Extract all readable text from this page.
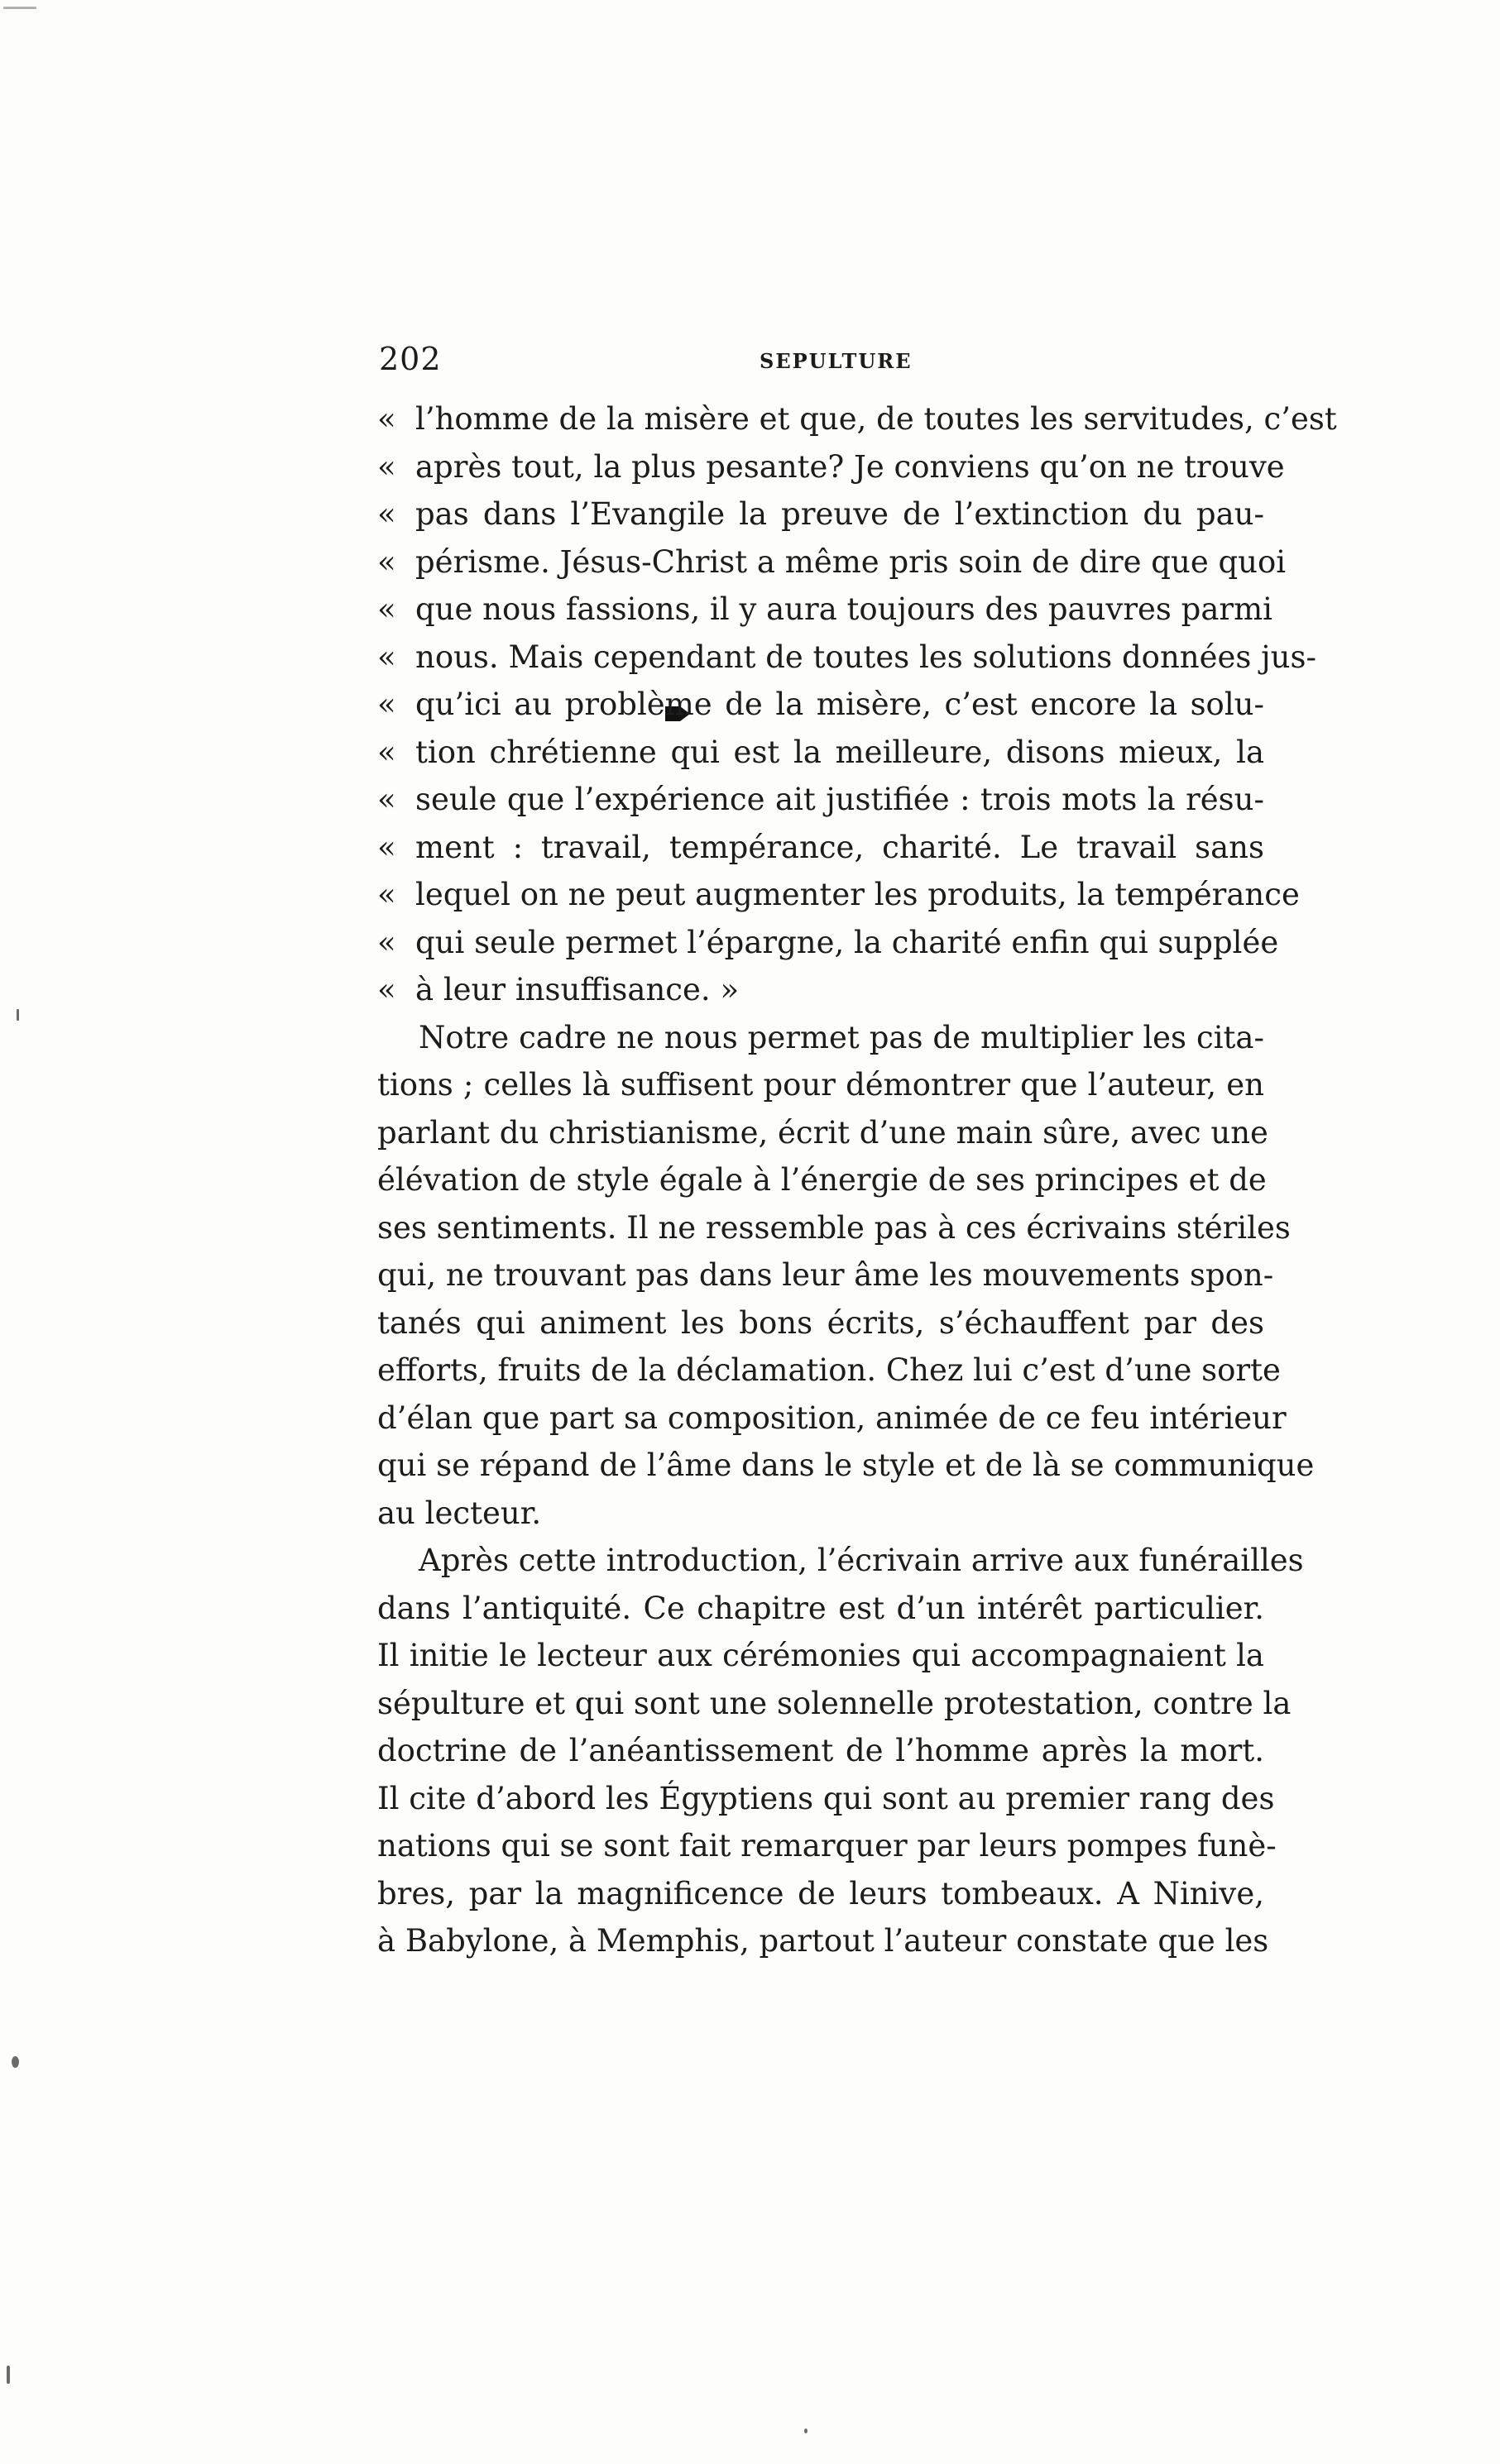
202	SEPULTURE
« l’homme de la misère et que, de toutes les servitudes, c’est
« après tout, la plus pesante? Je conviens qu’on ne trouve
« pas dans l’Evangile la preuve de l’extinction du pau-
« périsme. Jésus-Christ a même pris soin de dire que quoi
« que nous fassions, il y aura toujours des pauvres parmi
« nous. Mais cependant de toutes les solutions données jus-
« qu’ici au problème de la misère, c’est encore la solu-
« tion chrétienne qui est la meilleure, disons mieux, la
« seule que l’expérience ait justifiée : trois mots la résu-
« ment : travail, tempérance, charité. Le travail sans
« lequel on ne peut augmenter les produits, la tempérance
« qui seule permet l’épargne, la charité enfin qui supplée
« à leur insuffisance. »
Notre cadre ne nous permet pas de multiplier les cita-
tions ; celles là suffisent pour démontrer que l’auteur, en
parlant du christianisme, écrit d’une main sûre, avec une
élévation de style égale à l’énergie de ses principes et de
ses sentiments. Il ne ressemble pas à ces écrivains stériles
qui, ne trouvant pas dans leur âme les mouvements spon-
tanés qui animent les bons écrits, s’échauffent par des
efforts, fruits de la déclamation. Chez lui c’est d’une sorte
d’élan que part sa composition, animée de ce feu intérieur
qui se répand de l’âme dans le style et de là se communique
au lecteur.
Après cette introduction, l’écrivain arrive aux funérailles
dans l’antiquité. Ce chapitre est d’un intérêt particulier.
Il initie le lecteur aux cérémonies qui accompagnaient la
sépulture et qui sont une solennelle protestation, contre la
doctrine de l’anéantissement de l’homme après la mort.
Il cite d’abord les Égyptiens qui sont au premier rang des
nations qui se sont fait remarquer par leurs pompes funè-
bres, par la magnificence de leurs tombeaux. A Ninive,
à Babylone, à Memphis, partout l’auteur constate que les
